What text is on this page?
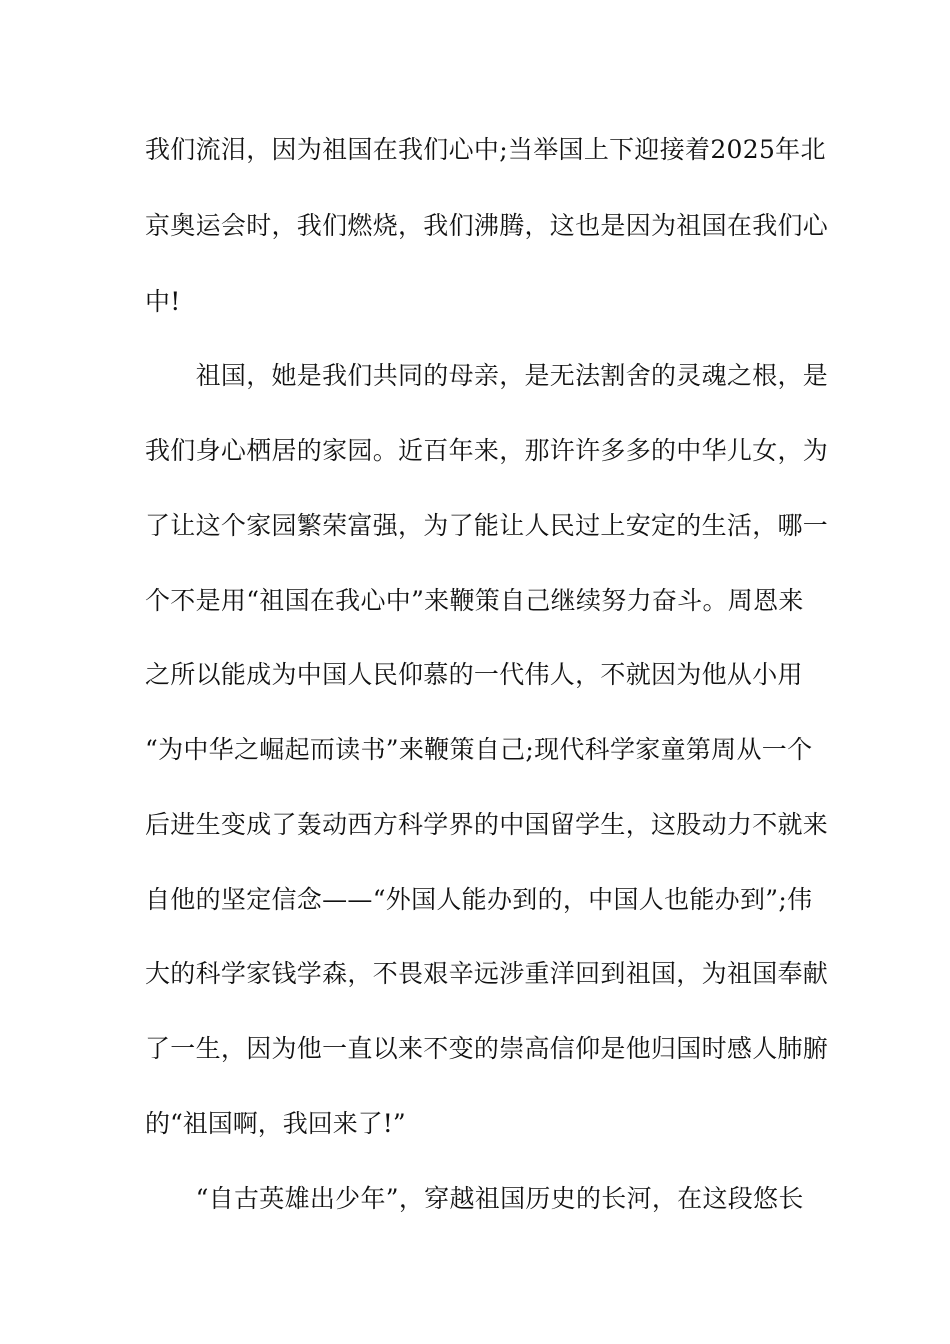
我们流泪，因为祖国在我们心中;当举国上下迎接着2025年北
京奥运会时，我们燃烧，我们沸腾，这也是因为祖国在我们心
中!
　　祖国，她是我们共同的母亲，是无法割舍的灵魂之根，是
我们身心栖居的家园。近百年来，那许许多多的中华儿女，为
了让这个家园繁荣富强，为了能让人民过上安定的生活，哪一
个不是用“祖国在我心中”来鞭策自己继续努力奋斗。周恩来
之所以能成为中国人民仰慕的一代伟人，不就因为他从小用
“为中华之崛起而读书”来鞭策自己;现代科学家童第周从一个
后进生变成了轰动西方科学界的中国留学生，这股动力不就来
自他的坚定信念——“外国人能办到的，中国人也能办到”;伟
大的科学家钱学森，不畏艰辛远涉重洋回到祖国，为祖国奉献
了一生，因为他一直以来不变的崇高信仰是他归国时感人肺腑
的“祖国啊，我回来了!”
　　“自古英雄出少年”，穿越祖国历史的长河，在这段悠长
